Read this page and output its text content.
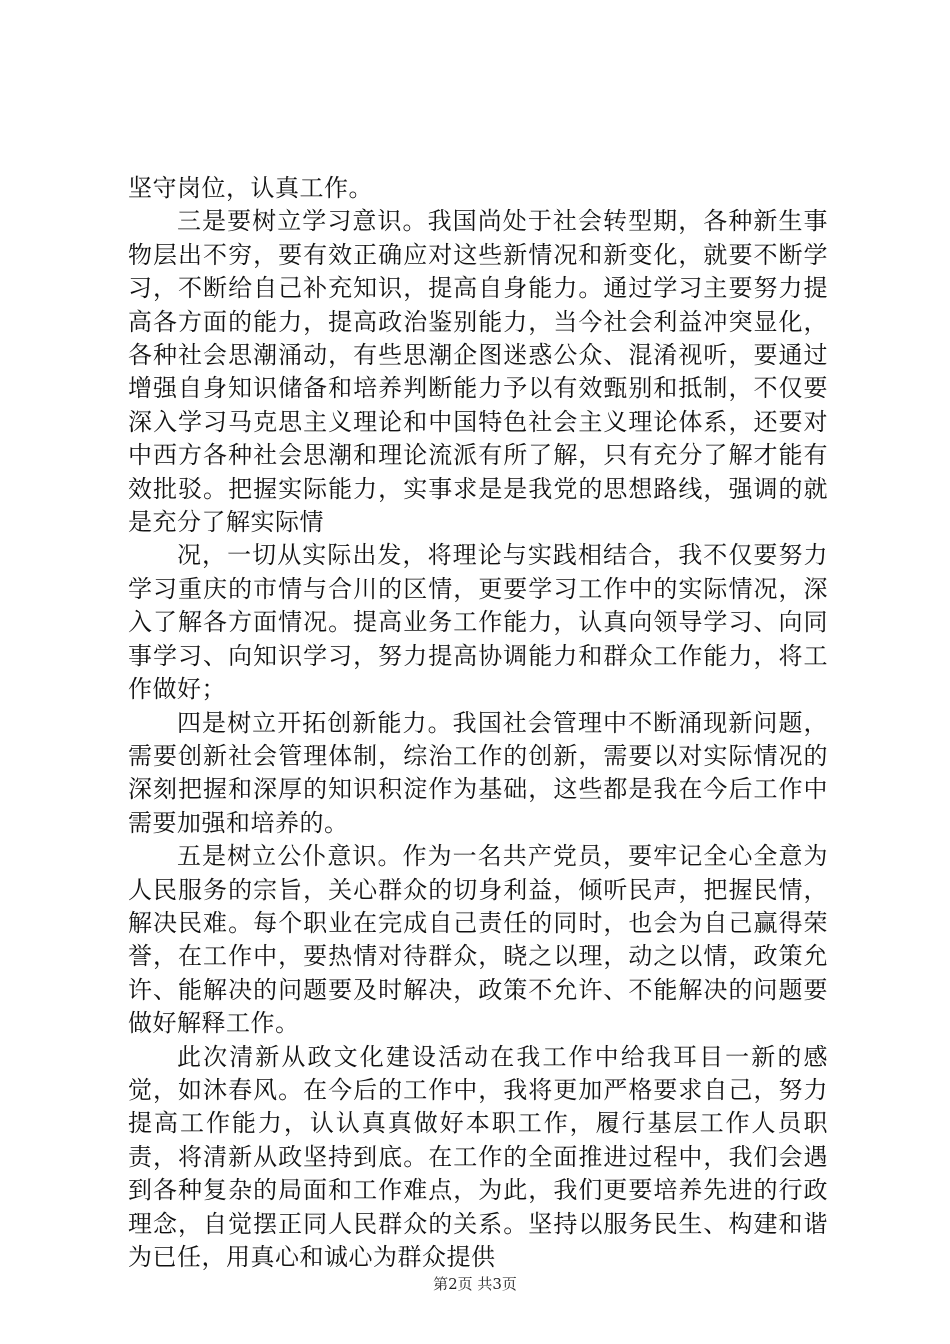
坚守岗位，认真工作。

三是要树立学习意识。我国尚处于社会转型期，各种新生事物层出不穷，要有效正确应对这些新情况和新变化，就要不断学习，不断给自己补充知识，提高自身能力。通过学习主要努力提高各方面的能力，提高政治鉴别能力，当今社会利益冲突显化，各种社会思潮涌动，有些思潮企图迷惑公众、混淆视听，要通过增强自身知识储备和培养判断能力予以有效甄别和抵制，不仅要深入学习马克思主义理论和中国特色社会主义理论体系，还要对中西方各种社会思潮和理论流派有所了解，只有充分了解才能有效批驳。把握实际能力，实事求是是我党的思想路线，强调的就是充分了解实际情

况，一切从实际出发，将理论与实践相结合，我不仅要努力学习重庆的市情与合川的区情，更要学习工作中的实际情况，深入了解各方面情况。提高业务工作能力，认真向领导学习、向同事学习、向知识学习，努力提高协调能力和群众工作能力，将工作做好；

四是树立开拓创新能力。我国社会管理中不断涌现新问题，需要创新社会管理体制，综治工作的创新，需要以对实际情况的深刻把握和深厚的知识积淀作为基础，这些都是我在今后工作中需要加强和培养的。

五是树立公仆意识。作为一名共产党员，要牢记全心全意为人民服务的宗旨，关心群众的切身利益，倾听民声，把握民情，解决民难。每个职业在完成自己责任的同时，也会为自己赢得荣誉，在工作中，要热情对待群众，晓之以理，动之以情，政策允许、能解决的问题要及时解决，政策不允许、不能解决的问题要做好解释工作。

此次清新从政文化建设活动在我工作中给我耳目一新的感觉，如沐春风。在今后的工作中，我将更加严格要求自己，努力提高工作能力，认认真真做好本职工作，履行基层工作人员职责，将清新从政坚持到底。在工作的全面推进过程中，我们会遇到各种复杂的局面和工作难点，为此，我们更要培养先进的行政理念，自觉摆正同人民群众的关系。坚持以服务民生、构建和谐为已任，用真心和诚心为群众提供

第2页 共3页
